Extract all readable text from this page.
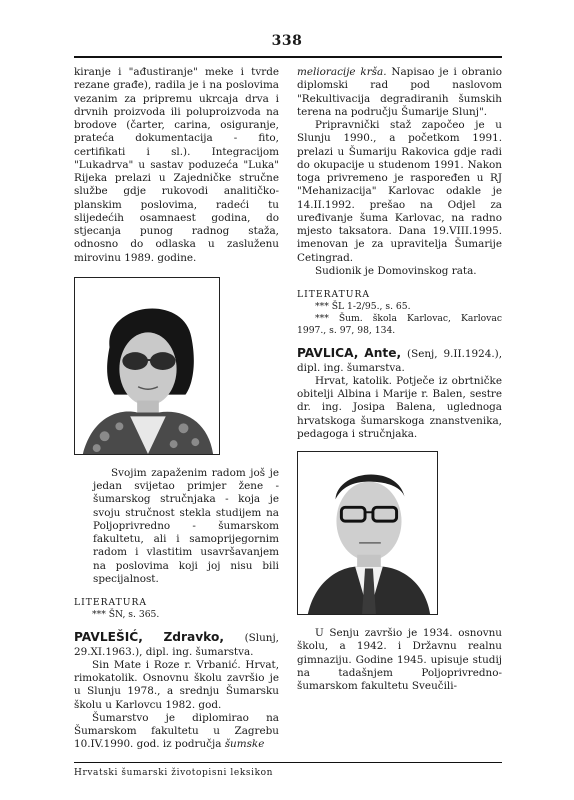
338

kiranje i "ađustiranje" meke i tvrde rezane građe), radila je i na poslovima vezanim za pripremu ukrcaja drva i drvnih proizvoda ili poluproizvoda na brodove (čarter, carina, osiguranje, prateća dokumentacija - fito, certifikati i sl.). Integracijom "Lukadrva" u sastav poduzeća "Luka" Rijeka prelazi u Zajedničke stručne službe gdje rukovodi analitičko-planskim poslovima, radeći tu slijedećih osamnaest godina, do stjecanja punog radnog staža, odnosno do odlaska u zasluženu mirovinu 1989. godine.

Svojim zapaženim radom još je jedan svijetao primjer žene - šumarskog stručnjaka - koja je svoju stručnost stekla studijem na Poljoprivredno - šumarskom fakultetu, ali i samoprijegornim radom i vlastitim usavršavanjem na poslovima koji joj nisu bili specijalnost.

LITERATURA

*** ŠN, s. 365.

PAVLEŠIĆ, Zdravko, (Slunj, 29.XI.1963.), dipl. ing. šumarstva.

Sin Mate i Roze r. Vrbanić. Hrvat, rimokatolik. Osnovnu školu završio je u Slunju 1978., a srednju Šumarsku školu u Karlovcu 1982. god.

Šumarstvo je diplomirao na Šumarskom fakultetu u Zagrebu 10.IV.1990. god. iz područja šumske

melioracije krša. Napisao je i obranio diplomski rad pod naslovom "Rekultivacija degradiranih šumskih terena na području Šumarije Slunj".

Pripravnički staž započeo je u Slunju 1990., a početkom 1991. prelazi u Šumariju Rakovica gdje radi do okupacije u studenom 1991. Nakon toga privremeno je raspoređen u RJ "Mehanizacija" Karlovac odakle je 14.II.1992. prešao na Odjel za uređivanje šuma Karlovac, na radno mjesto taksatora. Dana 19.VIII.1995. imenovan je za upravitelja Šumarije Cetingrad.

Sudionik je Domovinskog rata.

LITERATURA

*** ŠL 1-2/95., s. 65.

*** Šum. škola Karlovac, Karlovac 1997., s. 97, 98, 134.

PAVLICA, Ante, (Senj, 9.II.1924.), dipl. ing. šumarstva.

Hrvat, katolik. Potječe iz obrtničke obitelji Albina i Marije r. Balen, sestre dr. ing. Josipa Balena, uglednoga hrvatskoga šumarskoga znanstvenika, pedagoga i stručnjaka.

U Senju završio je 1934. osnovnu školu, a 1942. i Državnu realnu gimnaziju. Godine 1945. upisuje studij na tadašnjem Poljoprivredno-šumarskom fakultetu Sveučili-

Hrvatski šumarski životopisni leksikon
